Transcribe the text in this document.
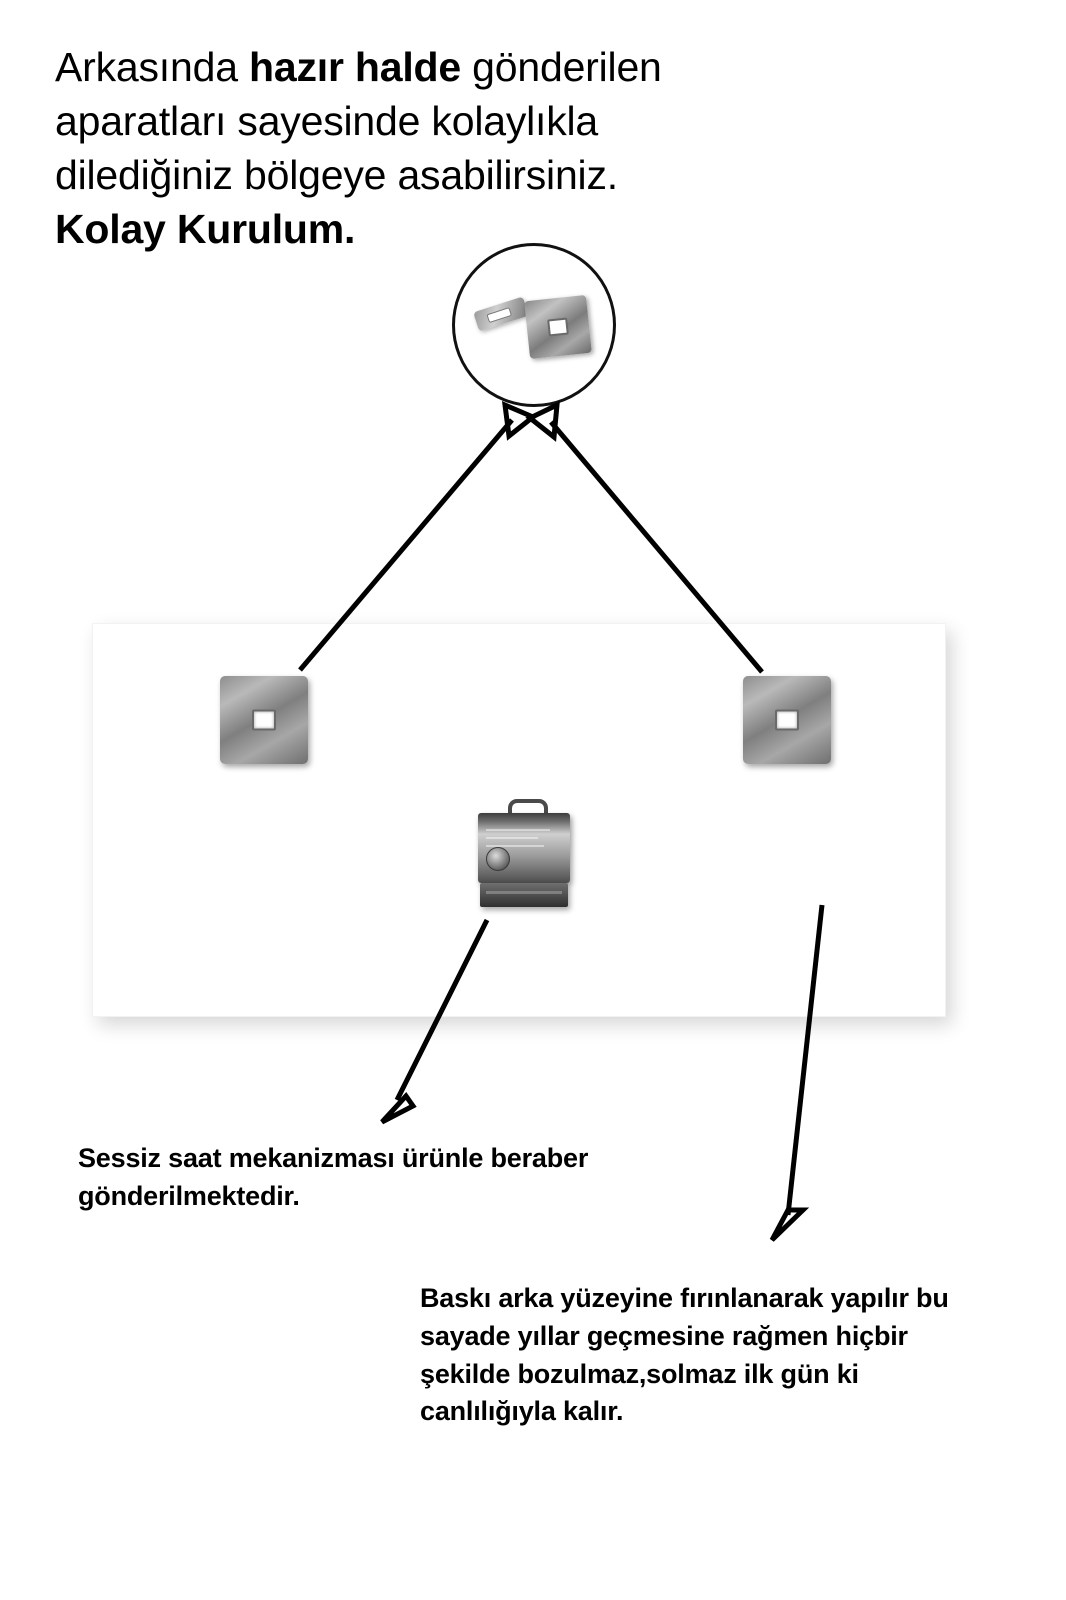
Arkasında hazır halde gönderilen
aparatları sayesinde kolaylıkla
dilediğiniz bölgeye asabilirsiniz.
Kolay Kurulum.
Sessiz saat mekanizması ürünle beraber gönderilmektedir.
Baskı arka yüzeyine fırınlanarak yapılır bu sayade yıllar geçmesine rağmen hiçbir şekilde bozulmaz,solmaz ilk gün ki canlılığıyla kalır.
